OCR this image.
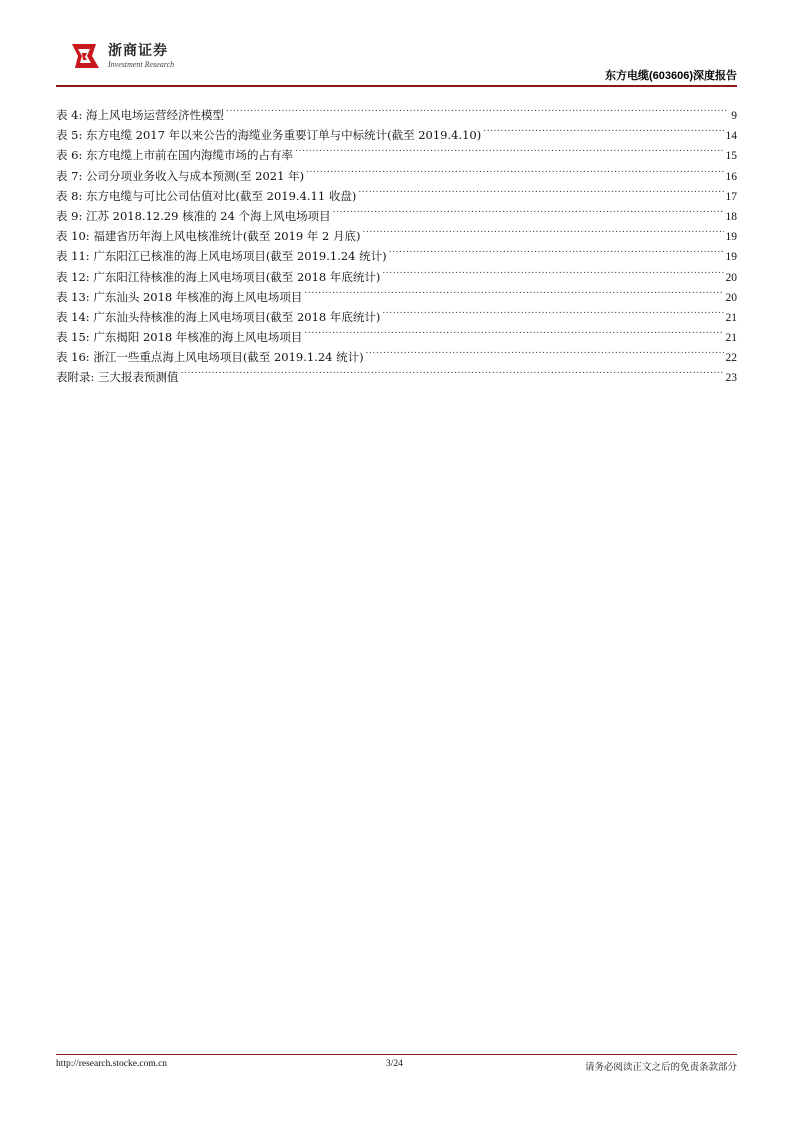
浙商证券
Investment Research
东方电缆(603606)深度报告
表 4: 海上风电场运营经济性模型 .....	9
表 5: 东方电缆 2017 年以来公告的海缆业务重要订单与中标统计(截至 2019.4.10) .....	14
表 6: 东方电缆上市前在国内海缆市场的占有率 .....	15
表 7: 公司分项业务收入与成本预测(至 2021 年) .....	16
表 8: 东方电缆与可比公司估值对比(截至 2019.4.11 收盘) .....	17
表 9: 江苏 2018.12.29 核准的 24 个海上风电场项目 .....	18
表 10: 福建省历年海上风电核准统计(截至 2019 年 2 月底) .....	19
表 11: 广东阳江已核准的海上风电场项目(截至 2019.1.24 统计) .....	19
表 12: 广东阳江待核准的海上风电场项目(截至 2018 年底统计) .....	20
表 13: 广东汕头 2018 年核准的海上风电场项目 .....	20
表 14: 广东汕头待核准的海上风电场项目(截至 2018 年底统计) .....	21
表 15: 广东揭阳 2018 年核准的海上风电场项目 .....	21
表 16: 浙江一些重点海上风电场项目(截至 2019.1.24 统计) .....	22
表附录: 三大报表预测值 .....	23
http://research.stocke.com.cn	3/24	请务必阅读正文之后的免责条款部分
